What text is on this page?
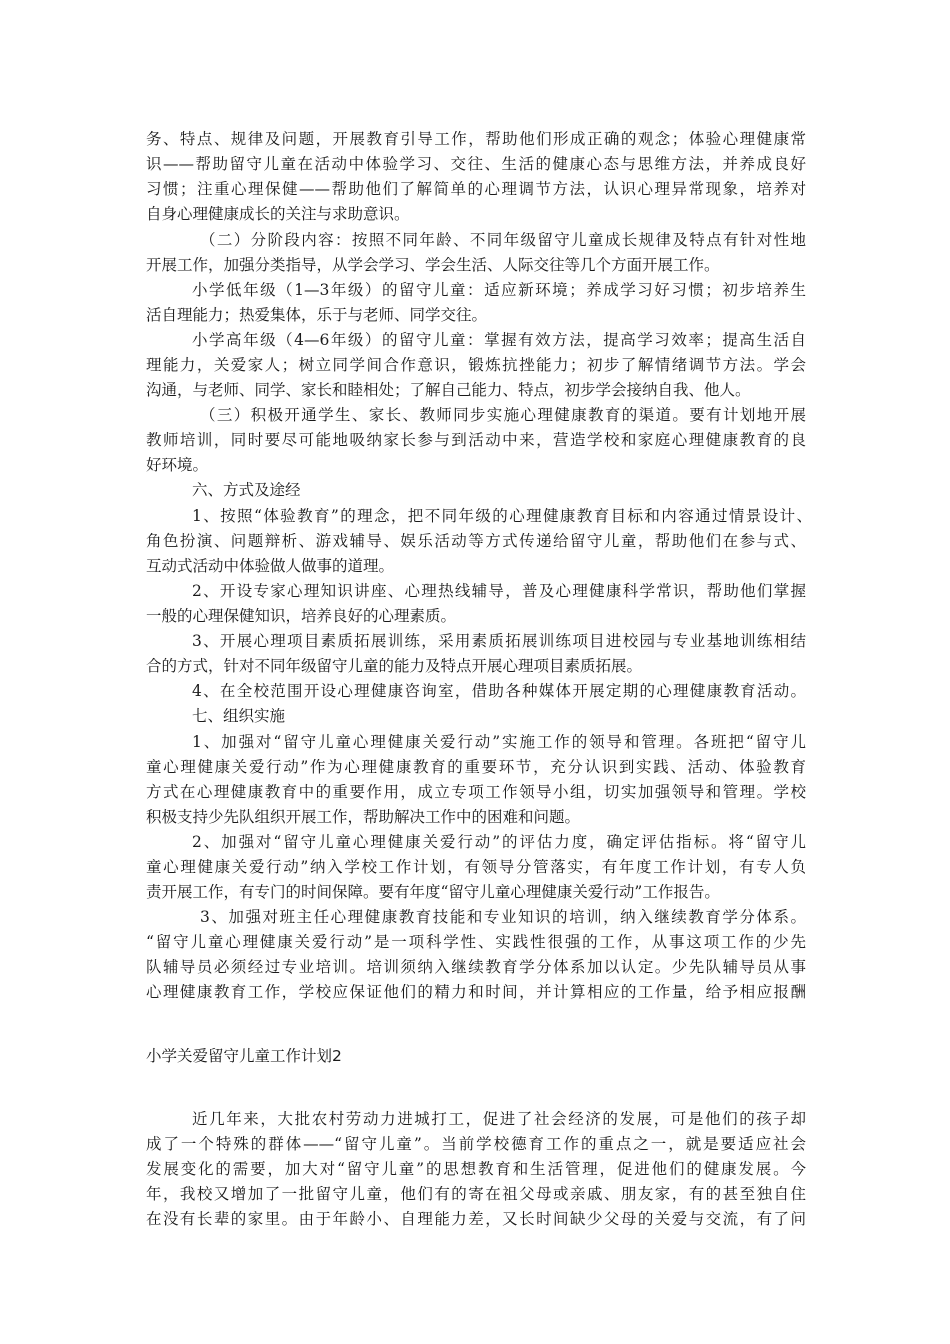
务、特点、规律及问题，开展教育引导工作，帮助他们形成正确的观念；体验心理健康常
识——帮助留守儿童在活动中体验学习、交往、生活的健康心态与思维方法，并养成良好
习惯；注重心理保健——帮助他们了解简单的心理调节方法，认识心理异常现象，培养对
自身心理健康成长的关注与求助意识。
（二）分阶段内容：按照不同年龄、不同年级留守儿童成长规律及特点有针对性地
开展工作，加强分类指导，从学会学习、学会生活、人际交往等几个方面开展工作。
小学低年级（1—3年级）的留守儿童：适应新环境；养成学习好习惯；初步培养生
活自理能力；热爱集体，乐于与老师、同学交往。
小学高年级（4—6年级）的留守儿童：掌握有效方法，提高学习效率；提高生活自
理能力，关爱家人；树立同学间合作意识，锻炼抗挫能力；初步了解情绪调节方法。学会
沟通，与老师、同学、家长和睦相处；了解自己能力、特点，初步学会接纳自我、他人。
（三）积极开通学生、家长、教师同步实施心理健康教育的渠道。要有计划地开展
教师培训，同时要尽可能地吸纳家长参与到活动中来，营造学校和家庭心理健康教育的良
好环境。
六、方式及途经
1、按照“体验教育”的理念，把不同年级的心理健康教育目标和内容通过情景设计、
角色扮演、问题辩析、游戏辅导、娱乐活动等方式传递给留守儿童，帮助他们在参与式、
互动式活动中体验做人做事的道理。
2、开设专家心理知识讲座、心理热线辅导，普及心理健康科学常识，帮助他们掌握
一般的心理保健知识，培养良好的心理素质。
3、开展心理项目素质拓展训练，采用素质拓展训练项目进校园与专业基地训练相结
合的方式，针对不同年级留守儿童的能力及特点开展心理项目素质拓展。
4、在全校范围开设心理健康咨询室，借助各种媒体开展定期的心理健康教育活动。
七、组织实施
1、加强对“留守儿童心理健康关爱行动”实施工作的领导和管理。各班把“留守儿
童心理健康关爱行动”作为心理健康教育的重要环节，充分认识到实践、活动、体验教育
方式在心理健康教育中的重要作用，成立专项工作领导小组，切实加强领导和管理。学校
积极支持少先队组织开展工作，帮助解决工作中的困难和问题。
2、加强对“留守儿童心理健康关爱行动”的评估力度，确定评估指标。将“留守儿
童心理健康关爱行动”纳入学校工作计划，有领导分管落实，有年度工作计划，有专人负
责开展工作，有专门的时间保障。要有年度“留守儿童心理健康关爱行动”工作报告。
3、加强对班主任心理健康教育技能和专业知识的培训，纳入继续教育学分体系。
“留守儿童心理健康关爱行动”是一项科学性、实践性很强的工作，从事这项工作的少先
队辅导员必须经过专业培训。培训须纳入继续教育学分体系加以认定。少先队辅导员从事
心理健康教育工作，学校应保证他们的精力和时间，并计算相应的工作量，给予相应报酬
小学关爱留守儿童工作计划2
近几年来，大批农村劳动力进城打工，促进了社会经济的发展，可是他们的孩子却
成了一个特殊的群体——“留守儿童”。当前学校德育工作的重点之一，就是要适应社会
发展变化的需要，加大对“留守儿童”的思想教育和生活管理，促进他们的健康发展。今
年，我校又增加了一批留守儿童，他们有的寄在祖父母或亲戚、朋友家，有的甚至独自住
在没有长辈的家里。由于年龄小、自理能力差，又长时间缺少父母的关爱与交流，有了问
